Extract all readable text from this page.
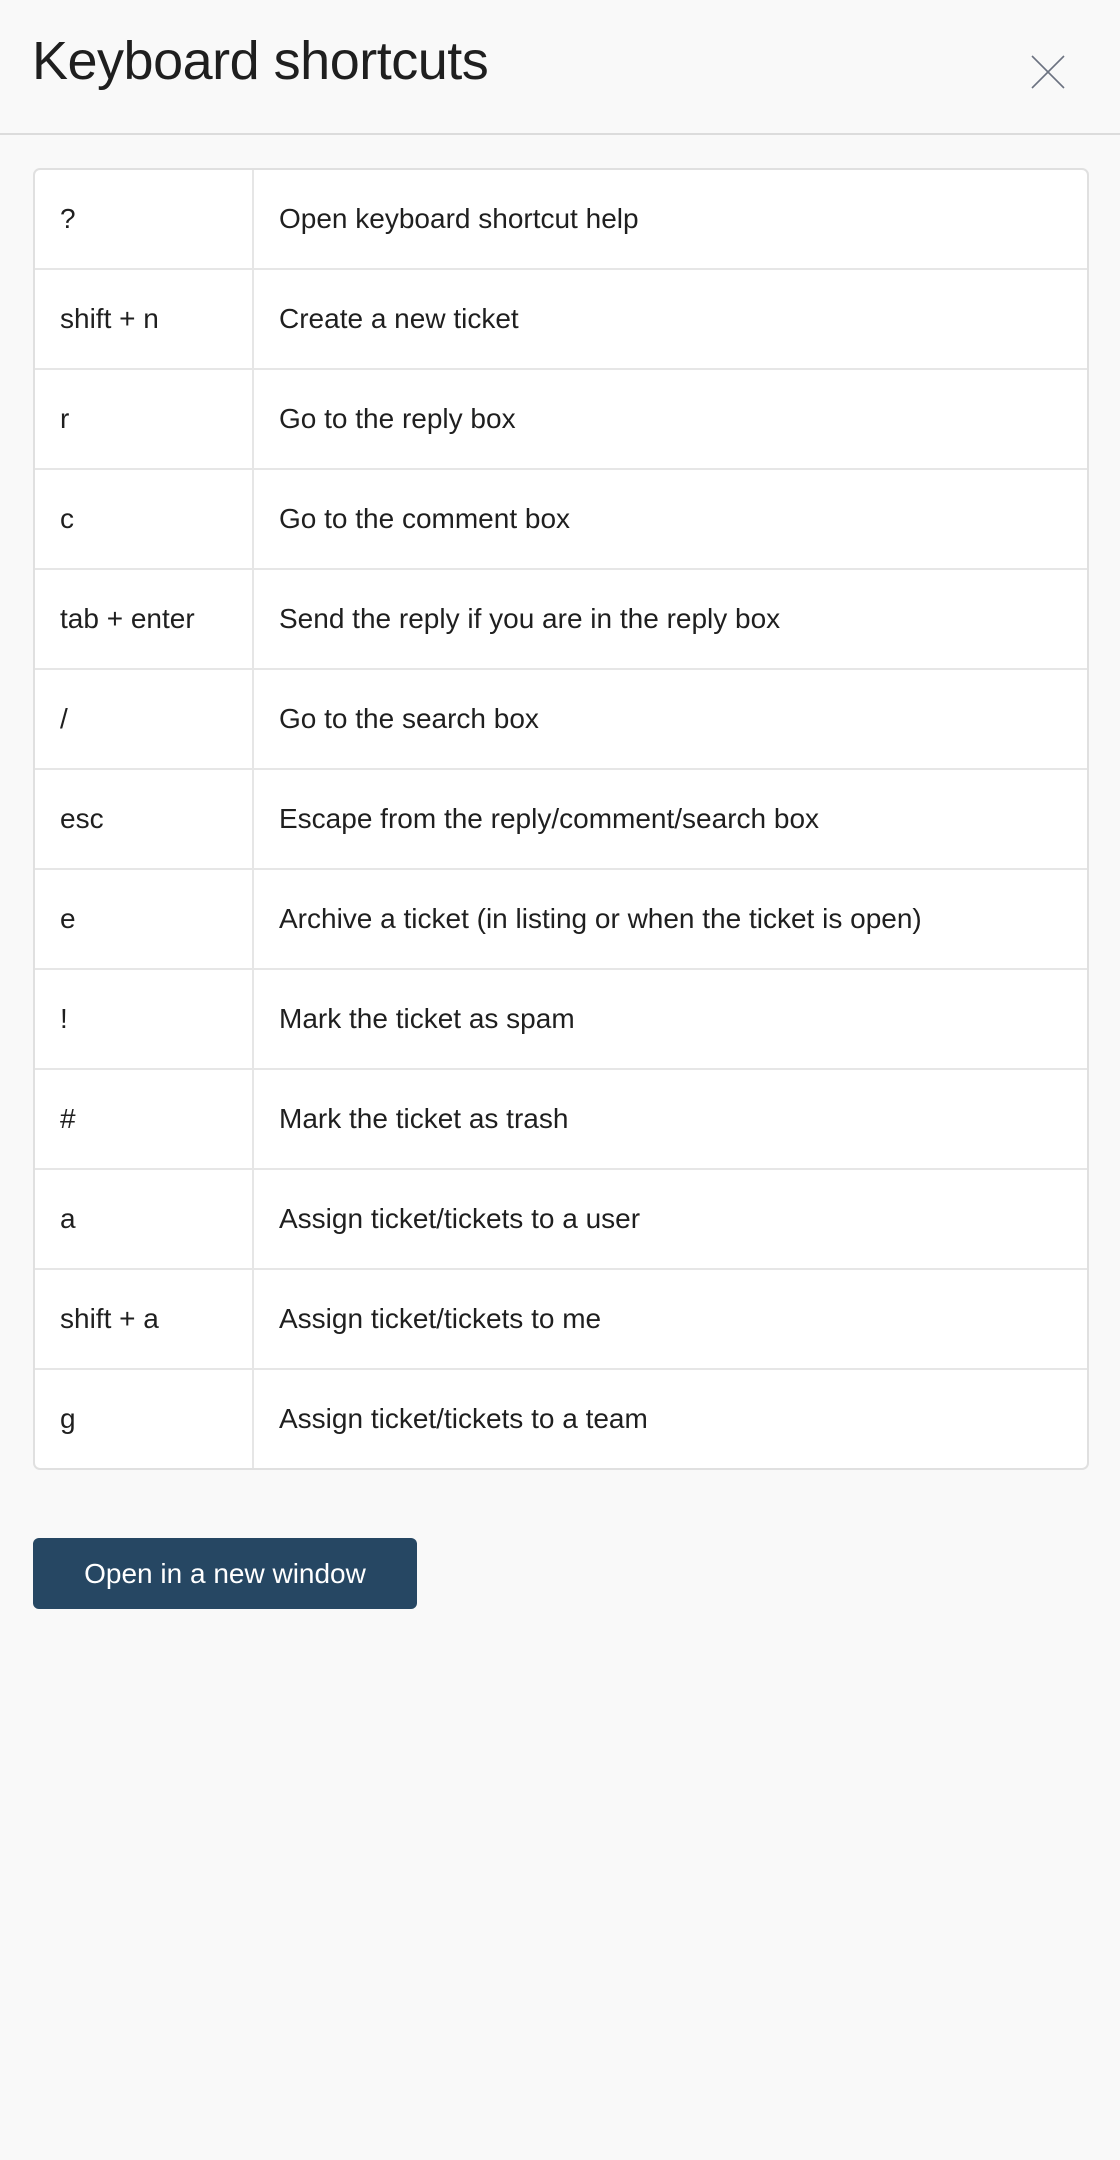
Keyboard shortcuts
?	Open keyboard shortcut help
shift + n	Create a new ticket
r	Go to the reply box
c	Go to the comment box
tab + enter	Send the reply if you are in the reply box
/	Go to the search box
esc	Escape from the reply/comment/search box
e	Archive a ticket (in listing or when the ticket is open)
!	Mark the ticket as spam
#	Mark the ticket as trash
a	Assign ticket/tickets to a user
shift + a	Assign ticket/tickets to me
g	Assign ticket/tickets to a team
Open in a new window
